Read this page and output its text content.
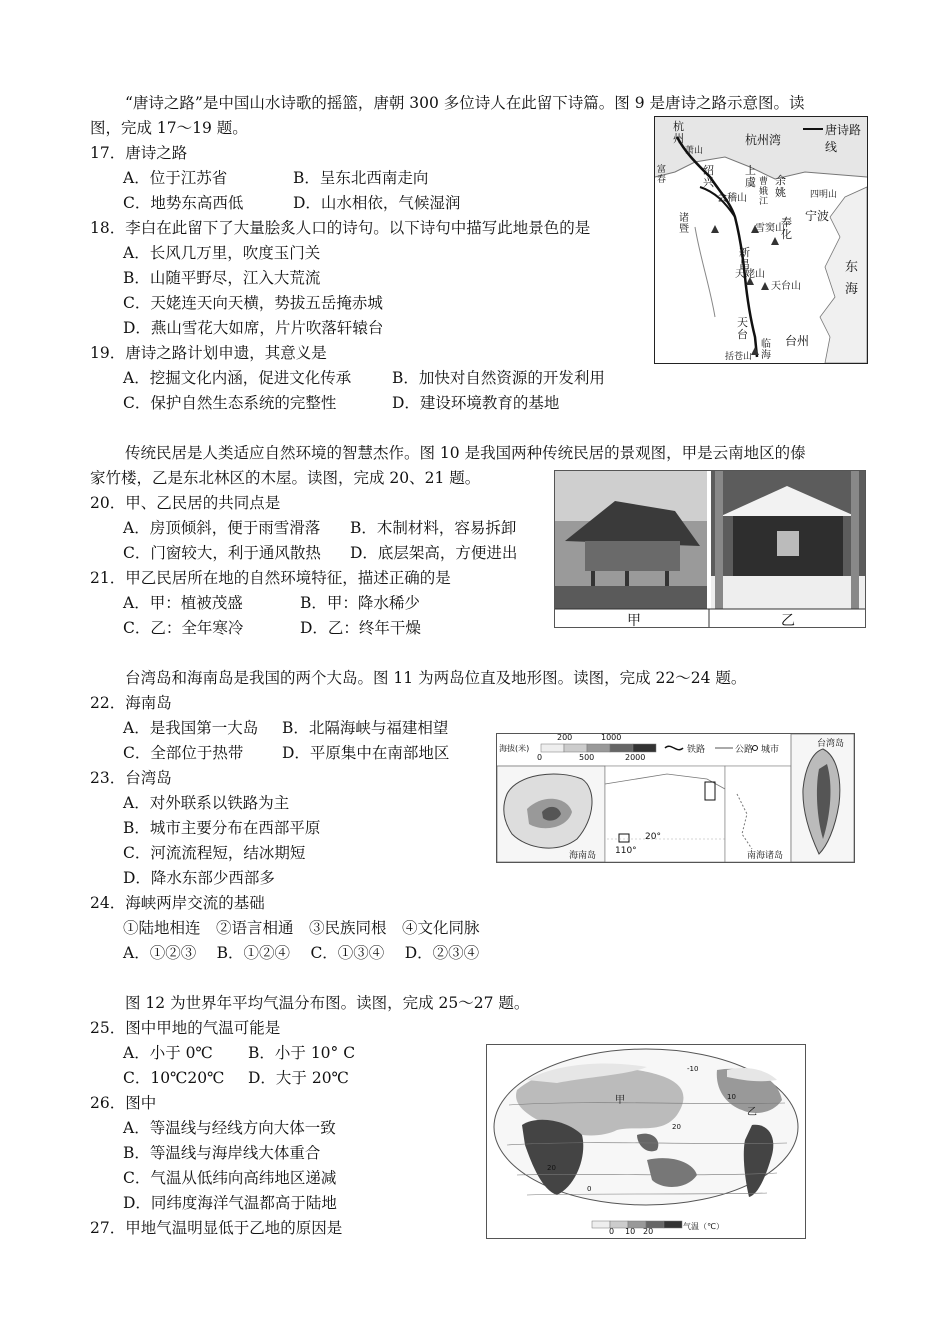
“唐诗之路”是中国山水诗歌的摇篮，唐朝 300 多位诗人在此留下诗篇。图 9 是唐诗之路示意图。读
图，完成 17～19 题。
17．唐诗之路
A．位于江苏省	B．呈东北西南走向
C．地势东高西低	D．山水相依，气候湿润
18．李白在此留下了大量脍炙人口的诗句。以下诗句中描写此地景色的是
A．长风几万里，吹度玉门关
B．山随平野尽，江入大荒流
C．天姥连天向天横，势拔五岳掩赤城
D．燕山雪花大如席，片片吹落轩辕台
19．唐诗之路计划申遗，其意义是
A．挖掘文化内涵，促进文化传承	B．加快对自然资源的开发利用
C．保护自然生态系统的完整性	D．建设环境教育的基地
唐诗路线
杭州湾
东海
杭州
绍兴
会稽山
上虞 余姚
宁波
四明山
雪窦山
奉化
新昌
天姥山
天台山
天台	台州
括苍山
临海
诸暨
曹娥江
萧山
富春
传统民居是人类适应自然环境的智慧杰作。图 10 是我国两种传统民居的景观图，甲是云南地区的傣
家竹楼，乙是东北林区的木屋。读图，完成 20、21 题。
20．甲、乙民居的共同点是
A．房顶倾斜，便于雨雪滑落 B．木制材料，容易拆卸
C．门窗较大，利于通风散热 D．底层架高，方便进出
21．甲乙民居所在地的自然环境特征，描述正确的是
A．甲：植被茂盛	B．甲：降水稀少
C．乙：全年寒冷	D．乙：终年干燥	甲	乙
台湾岛和海南岛是我国的两个大岛。图 11 为两岛位直及地形图。读图，完成 22～24 题。
22．海南岛
A．是我国第一大岛 B．北隔海峡与福建相望
C．全部位于热带 D．平原集中在南部地区
23．台湾岛
A．对外联系以铁路为主
B．城市主要分布在西部平原
C．河流流程短，结冰期短
D．降水东部少西部多
24．海峡两岸交流的基础
①陆地相连　②语言相通　③民族同根　④文化同脉
A．①②③　 B．①②④　 C．①③④　 D．②③④
海拔(米)
200	1000
0	500	2000
铁路	公路 城市
海南岛
台湾岛
南海诸岛
20°
110°
图 12 为世界年平均气温分布图。读图，完成 25～27 题。
25．图中甲地的气温可能是
A．小于 0℃ B．小于 10° C
C．10℃20℃ D．大于 20℃
26．图中
A．等温线与经线方向大体一致
B．等温线与海岸线大体重合
C．气温从低纬向高纬地区递减
D．同纬度海洋气温都高于陆地
27．甲地气温明显低于乙地的原因是
甲
乙
0 10 20
气温（℃）
20
20
10
0
-10
